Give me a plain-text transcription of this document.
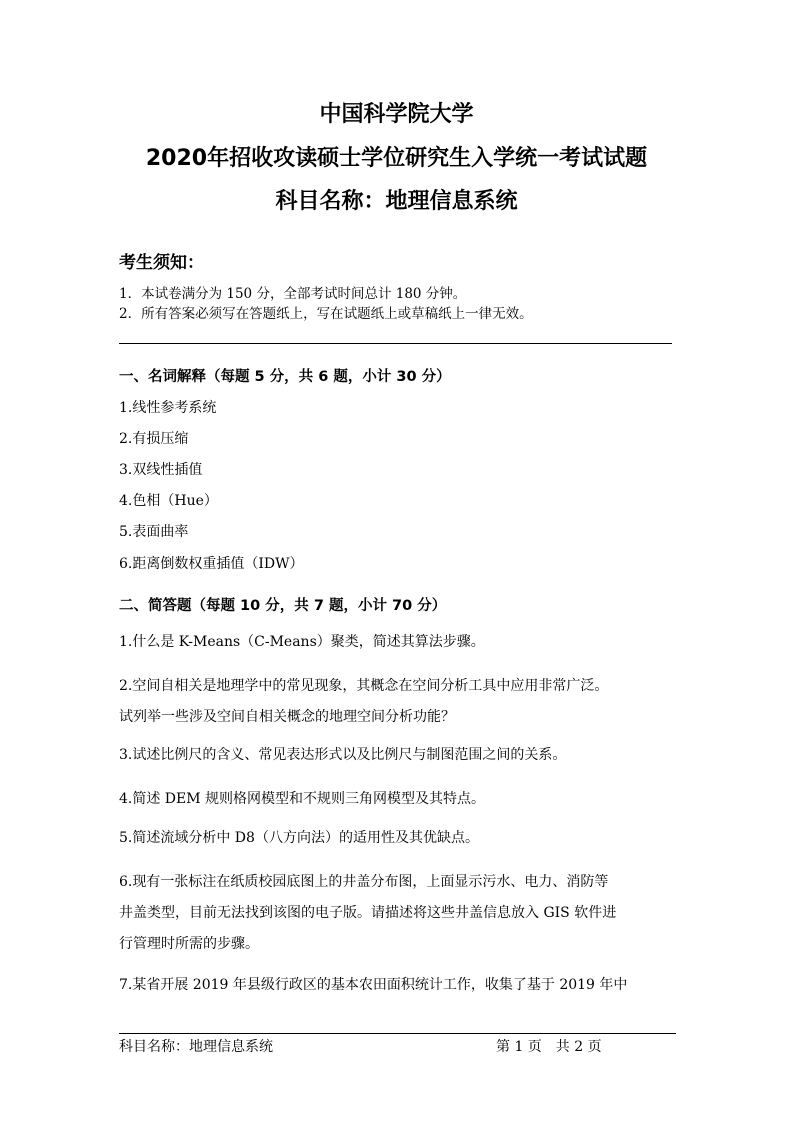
中国科学院大学
2020年招收攻读硕士学位研究生入学统一考试试题
科目名称：地理信息系统
考生须知：
1．本试卷满分为 150 分，全部考试时间总计 180 分钟。
2．所有答案必须写在答题纸上，写在试题纸上或草稿纸上一律无效。
一、名词解释（每题 5 分，共 6 题，小计 30 分）
1.线性参考系统
2.有损压缩
3.双线性插值
4.色相（Hue）
5.表面曲率
6.距离倒数权重插值（IDW）
二、简答题（每题 10 分，共 7 题，小计 70 分）
1.什么是 K-Means（C-Means）聚类，简述其算法步骤。
2.空间自相关是地理学中的常见现象，其概念在空间分析工具中应用非常广泛。
试列举一些涉及空间自相关概念的地理空间分析功能？
3.试述比例尺的含义、常见表达形式以及比例尺与制图范围之间的关系。
4.简述 DEM 规则格网模型和不规则三角网模型及其特点。
5.简述流域分析中 D8（八方向法）的适用性及其优缺点。
6.现有一张标注在纸质校园底图上的井盖分布图，上面显示污水、电力、消防等
井盖类型，目前无法找到该图的电子版。请描述将这些井盖信息放入 GIS 软件进
行管理时所需的步骤。
7.某省开展 2019 年县级行政区的基本农田面积统计工作，收集了基于 2019 年中
科目名称：地理信息系统	第 1 页　共 2 页
